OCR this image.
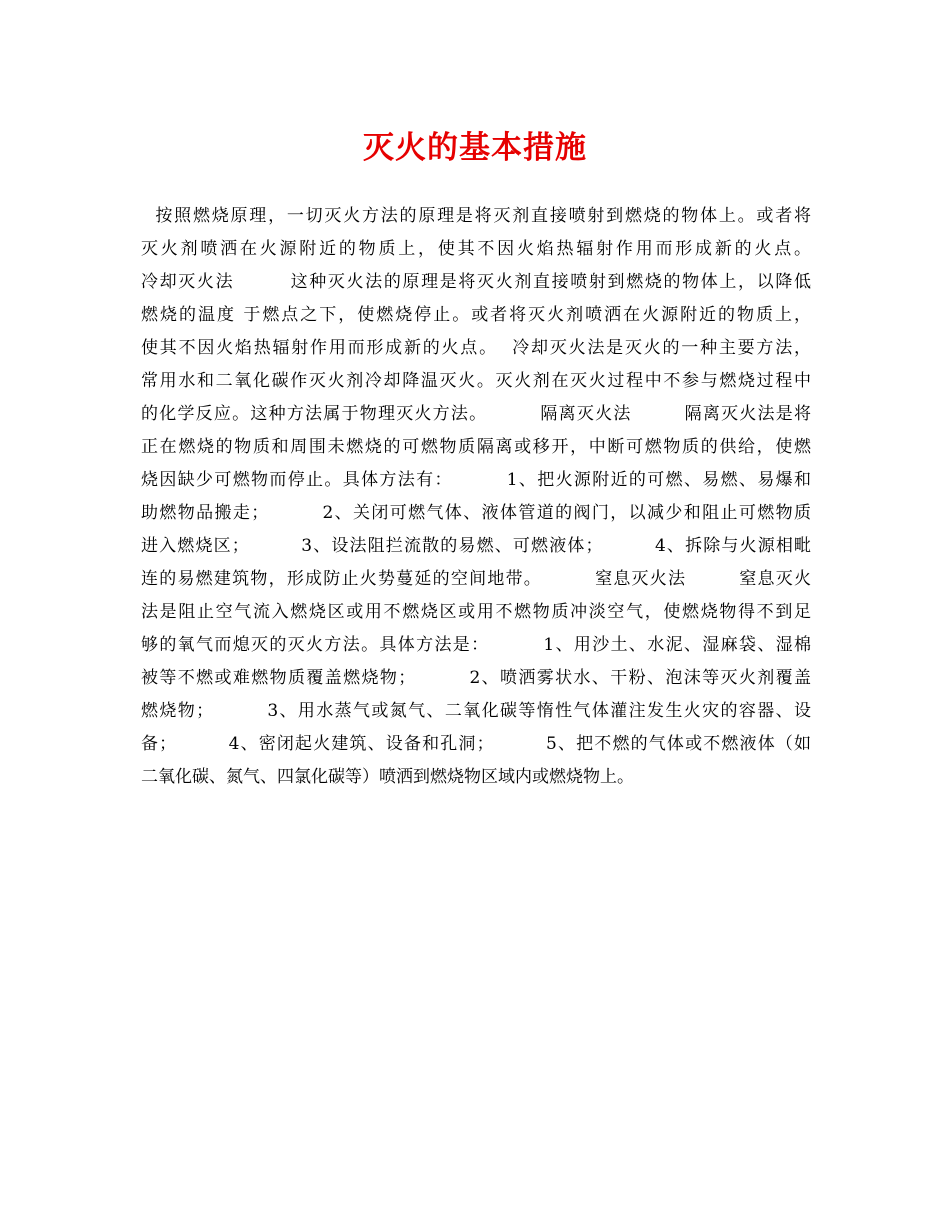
灭火的基本措施
按照燃烧原理，一切灭火方法的原理是将灭剂直接喷射到燃烧的物体上。或者将
灭火剂喷洒在火源附近的物质上，使其不因火焰热辐射作用而形成新的火点。
冷却灭火法        这种灭火法的原理是将灭火剂直接喷射到燃烧的物体上，以降低
燃烧的温度 于燃点之下，使燃烧停止。或者将灭火剂喷洒在火源附近的物质上，
使其不因火焰热辐射作用而形成新的火点。  冷却灭火法是灭火的一种主要方法，
常用水和二氧化碳作灭火剂冷却降温灭火。灭火剂在灭火过程中不参与燃烧过程中
的化学反应。这种方法属于物理灭火方法。        隔离灭火法        隔离灭火法是将
正在燃烧的物质和周围未燃烧的可燃物质隔离或移开，中断可燃物质的供给，使燃
烧因缺少可燃物而停止。具体方法有：        1、把火源附近的可燃、易燃、易爆和
助燃物品搬走；        2、关闭可燃气体、液体管道的阀门，以减少和阻止可燃物质
进入燃烧区；        3、设法阻拦流散的易燃、可燃液体；        4、拆除与火源相毗
连的易燃建筑物，形成防止火势蔓延的空间地带。        窒息灭火法        窒息灭火
法是阻止空气流入燃烧区或用不燃烧区或用不燃物质冲淡空气，使燃烧物得不到足
够的氧气而熄灭的灭火方法。具体方法是：        1、用沙土、水泥、湿麻袋、湿棉
被等不燃或难燃物质覆盖燃烧物；        2、喷洒雾状水、干粉、泡沫等灭火剂覆盖
燃烧物；        3、用水蒸气或氮气、二氧化碳等惰性气体灌注发生火灾的容器、设
备；        4、密闭起火建筑、设备和孔洞；        5、把不燃的气体或不燃液体（如
二氧化碳、氮气、四氯化碳等）喷洒到燃烧物区域内或燃烧物上。
